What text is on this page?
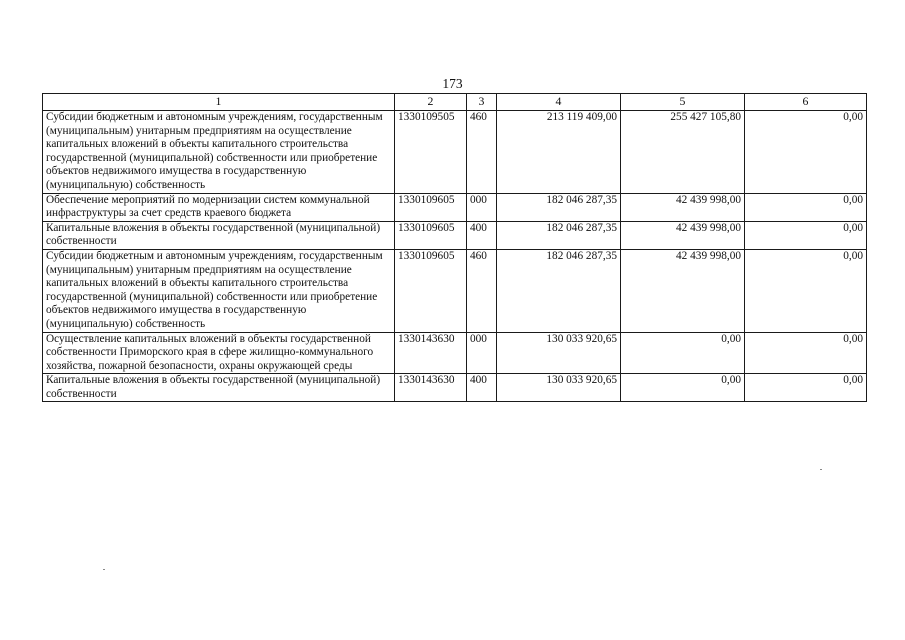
173
1	2	3	4	5	6
Субсидии бюджетным и автономным учреждениям, государственным (муниципальным) унитарным предприятиям на осуществление капитальных вложений в объекты капитального строительства государственной (муниципальной) собственности или приобретение объектов недвижимого имущества в государственную (муниципальную) собственность	1330109505	460	213 119 409,00	255 427 105,80	0,00
Обеспечение мероприятий по модернизации систем коммунальной инфраструктуры за счет средств краевого бюджета	1330109605	000	182 046 287,35	42 439 998,00	0,00
Капитальные вложения в объекты государственной (муниципальной) собственности	1330109605	400	182 046 287,35	42 439 998,00	0,00
Субсидии бюджетным и автономным учреждениям, государственным (муниципальным) унитарным предприятиям на осуществление капитальных вложений в объекты капитального строительства государственной (муниципальной) собственности или приобретение объектов недвижимого имущества в государственную (муниципальную) собственность	1330109605	460	182 046 287,35	42 439 998,00	0,00
Осуществление капитальных вложений в объекты государственной собственности Приморского края в сфере жилищно-коммунального хозяйства, пожарной безопасности, охраны окружающей среды	1330143630	000	130 033 920,65	0,00	0,00
Капитальные вложения в объекты государственной (муниципальной) собственности	1330143630	400	130 033 920,65	0,00	0,00
